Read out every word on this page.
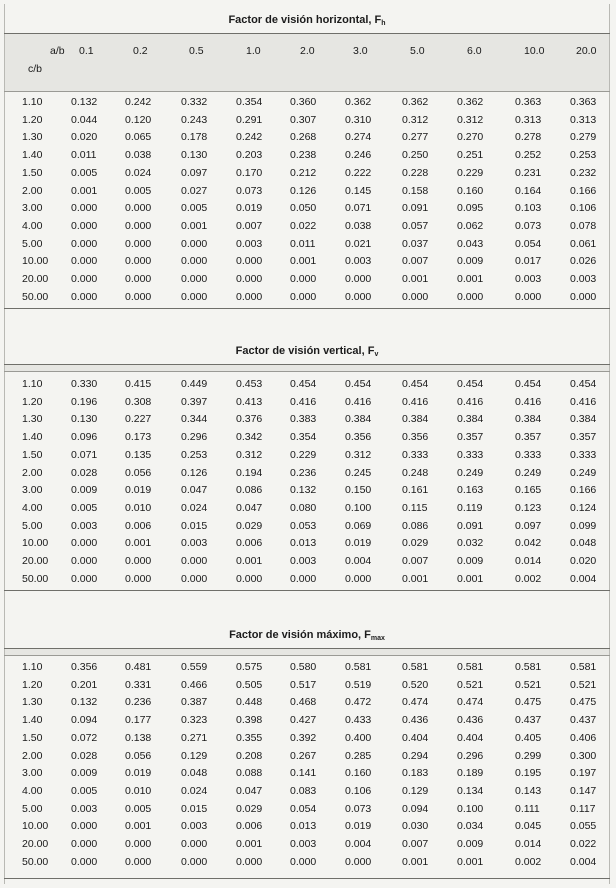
Factor de visión horizontal, $F_h$
a/b
c/b
0.1	0.2	0.5	1.0	2.0	3.0	5.0	6.0	10.0	20.0
1.10	0.132	0.242	0.332	0.354	0.360	0.362	0.362	0.362	0.363	0.363
1.20	0.044	0.120	0.243	0.291	0.307	0.310	0.312	0.312	0.313	0.313
1.30	0.020	0.065	0.178	0.242	0.268	0.274	0.277	0.270	0.278	0.279
1.40	0.011	0.038	0.130	0.203	0.238	0.246	0.250	0.251	0.252	0.253
1.50	0.005	0.024	0.097	0.170	0.212	0.222	0.228	0.229	0.231	0.232
2.00	0.001	0.005	0.027	0.073	0.126	0.145	0.158	0.160	0.164	0.166
3.00	0.000	0.000	0.005	0.019	0.050	0.071	0.091	0.095	0.103	0.106
4.00	0.000	0.000	0.001	0.007	0.022	0.038	0.057	0.062	0.073	0.078
5.00	0.000	0.000	0.000	0.003	0.011	0.021	0.037	0.043	0.054	0.061
10.00 0.000	0.000	0.000	0.000	0.001	0.003	0.007	0.009	0.017	0.026
20.00 0.000	0.000	0.000	0.000	0.000	0.000	0.001	0.001	0.003	0.003
50.00 0.000	0.000	0.000	0.000	0.000	0.000	0.000	0.000	0.000	0.000
Factor de visión vertical, $F_v$
1.10	0.330	0.415	0.449	0.453	0.454	0.454	0.454	0.454	0.454	0.454
1.20	0.196	0.308	0.397	0.413	0.416	0.416	0.416	0.416	0.416	0.416
1.30	0.130	0.227	0.344	0.376	0.383	0.384	0.384	0.384	0.384	0.384
1.40	0.096	0.173	0.296	0.342	0.354	0.356	0.356	0.357	0.357	0.357
1.50	0.071	0.135	0.253	0.312	0.229	0.312	0.333	0.333	0.333	0.333
2.00	0.028	0.056	0.126	0.194	0.236	0.245	0.248	0.249	0.249	0.249
3.00	0.009	0.019	0.047	0.086	0.132	0.150	0.161	0.163	0.165	0.166
4.00	0.005	0.010	0.024	0.047	0.080	0.100	0.115	0.119	0.123	0.124
5.00	0.003	0.006	0.015	0.029	0.053	0.069	0.086	0.091	0.097	0.099
10.00 0.000	0.001	0.003	0.006	0.013	0.019	0.029	0.032	0.042	0.048
20.00 0.000	0.000	0.000	0.001	0.003	0.004	0.007	0.009	0.014	0.020
50.00 0.000	0.000	0.000	0.000	0.000	0.000	0.001	0.001	0.002	0.004
Factor de visión máximo, $F_{max}$
1.10	0.356	0.481	0.559	0.575	0.580	0.581	0.581	0.581	0.581	0.581
1.20	0.201	0.331	0.466	0.505	0.517	0.519	0.520	0.521	0.521	0.521
1.30	0.132	0.236	0.387	0.448	0.468	0.472	0.474	0.474	0.475	0.475
1.40	0.094	0.177	0.323	0.398	0.427	0.433	0.436	0.436	0.437	0.437
1.50	0.072	0.138	0.271	0.355	0.392	0.400	0.404	0.404	0.405	0.406
2.00	0.028	0.056	0.129	0.208	0.267	0.285	0.294	0.296	0.299	0.300
3.00	0.009	0.019	0.048	0.088	0.141	0.160	0.183	0.189	0.195	0.197
4.00	0.005	0.010	0.024	0.047	0.083	0.106	0.129	0.134	0.143	0.147
5.00	0.003	0.005	0.015	0.029	0.054	0.073	0.094	0.100	0.111	0.117
10.00 0.000	0.001	0.003	0.006	0.013	0.019	0.030	0.034	0.045	0.055
20.00 0.000	0.000	0.000	0.001	0.003	0.004	0.007	0.009	0.014	0.022
50.00 0.000	0.000	0.000	0.000	0.000	0.000	0.001	0.001	0.002	0.004
